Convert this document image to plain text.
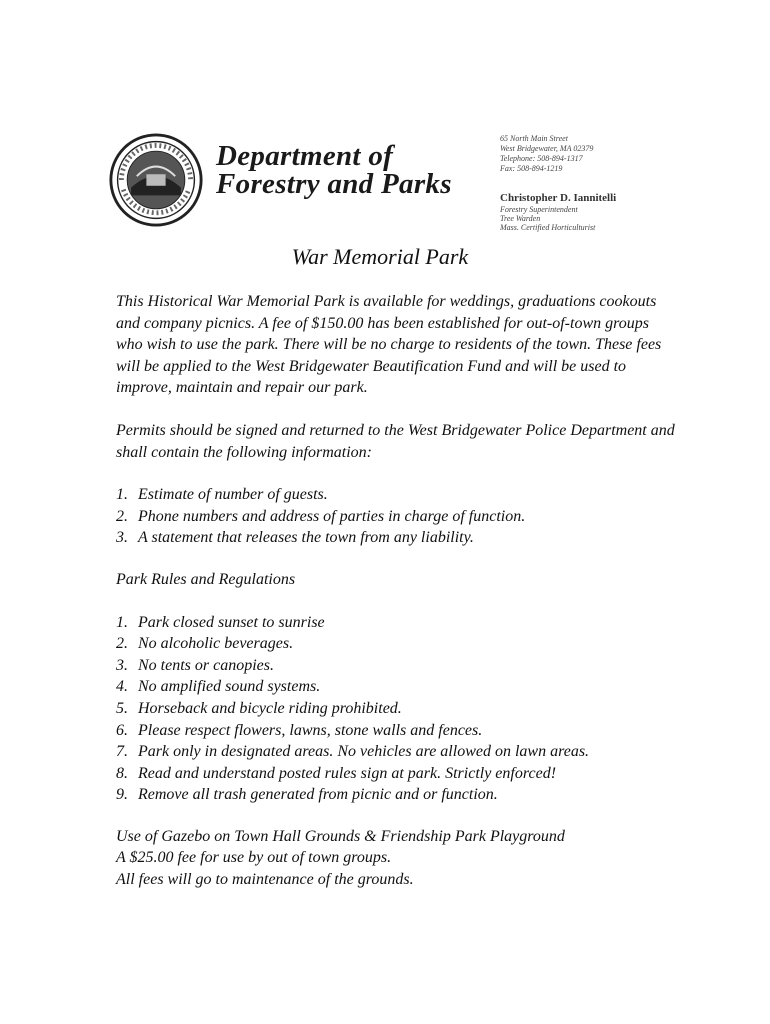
Department of
Forestry and Parks
65 North Main Street
West Bridgewater, MA 02379
Telephone: 508-894-1317
Fax: 508-894-1219
Christopher D. Iannitelli
Forestry Superintendent
Tree Warden
Mass. Certified Horticulturist
War Memorial Park

This Historical War Memorial Park is available for weddings, graduations cookouts and company picnics. A fee of $150.00 has been established for out-of-town groups who wish to use the park. There will be no charge to residents of the town. These fees will be applied to the West Bridgewater Beautification Fund and will be used to improve, maintain and repair our park.

Permits should be signed and returned to the West Bridgewater Police Department and shall contain the following information:

1. Estimate of number of guests.
2. Phone numbers and address of parties in charge of function.
3. A statement that releases the town from any liability.

Park Rules and Regulations

1. Park closed sunset to sunrise
2. No alcoholic beverages.
3. No tents or canopies.
4. No amplified sound systems.
5. Horseback and bicycle riding prohibited.
6. Please respect flowers, lawns, stone walls and fences.
7. Park only in designated areas. No vehicles are allowed on lawn areas.
8. Read and understand posted rules sign at park. Strictly enforced!
9. Remove all trash generated from picnic and or function.

Use of Gazebo on Town Hall Grounds & Friendship Park Playground

A $25.00 fee for use by out of town groups.

All fees will go to maintenance of the grounds.
